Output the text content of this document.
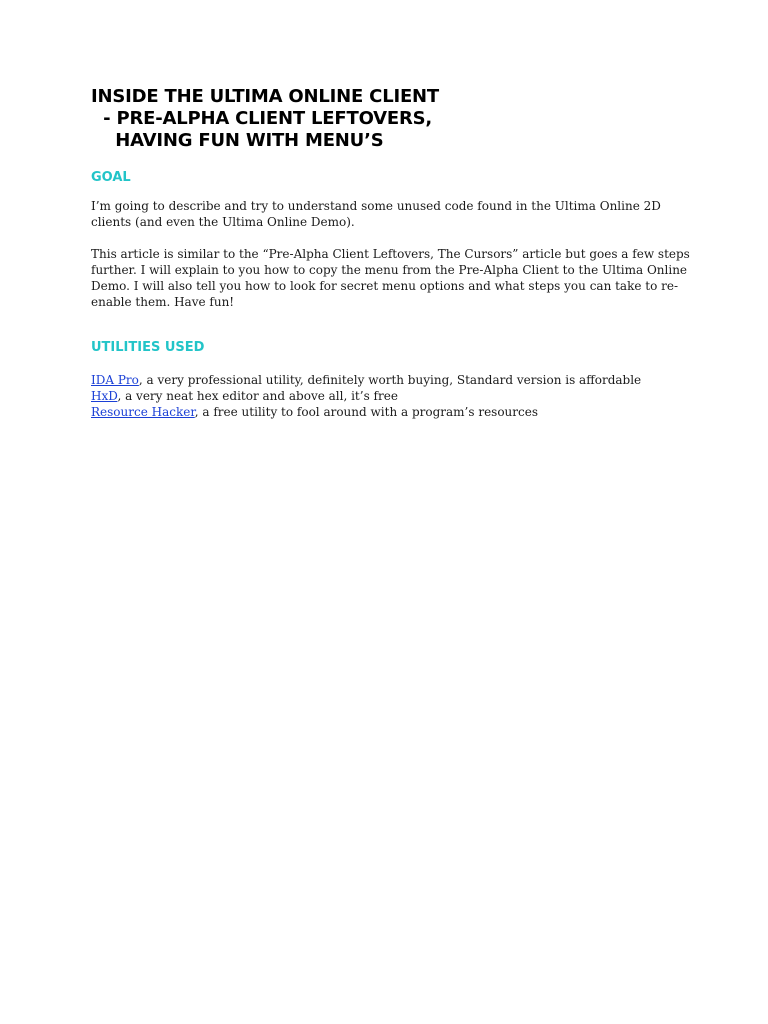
INSIDE THE ULTIMA ONLINE CLIENT
- PRE-ALPHA CLIENT LEFTOVERS,
HAVING FUN WITH MENU’S
GOAL

I’m going to describe and try to understand some unused code found in the Ultima Online 2D clients (and even the Ultima Online Demo).

This article is similar to the “Pre-Alpha Client Leftovers, The Cursors” article but goes a few steps further. I will explain to you how to copy the menu from the Pre-Alpha Client to the Ultima Online Demo. I will also tell you how to look for secret menu options and what steps you can take to re-enable them. Have fun!

UTILITIES USED
IDA Pro, a very professional utility, definitely worth buying, Standard version is affordable
HxD, a very neat hex editor and above all, it’s free
Resource Hacker, a free utility to fool around with a program’s resources
